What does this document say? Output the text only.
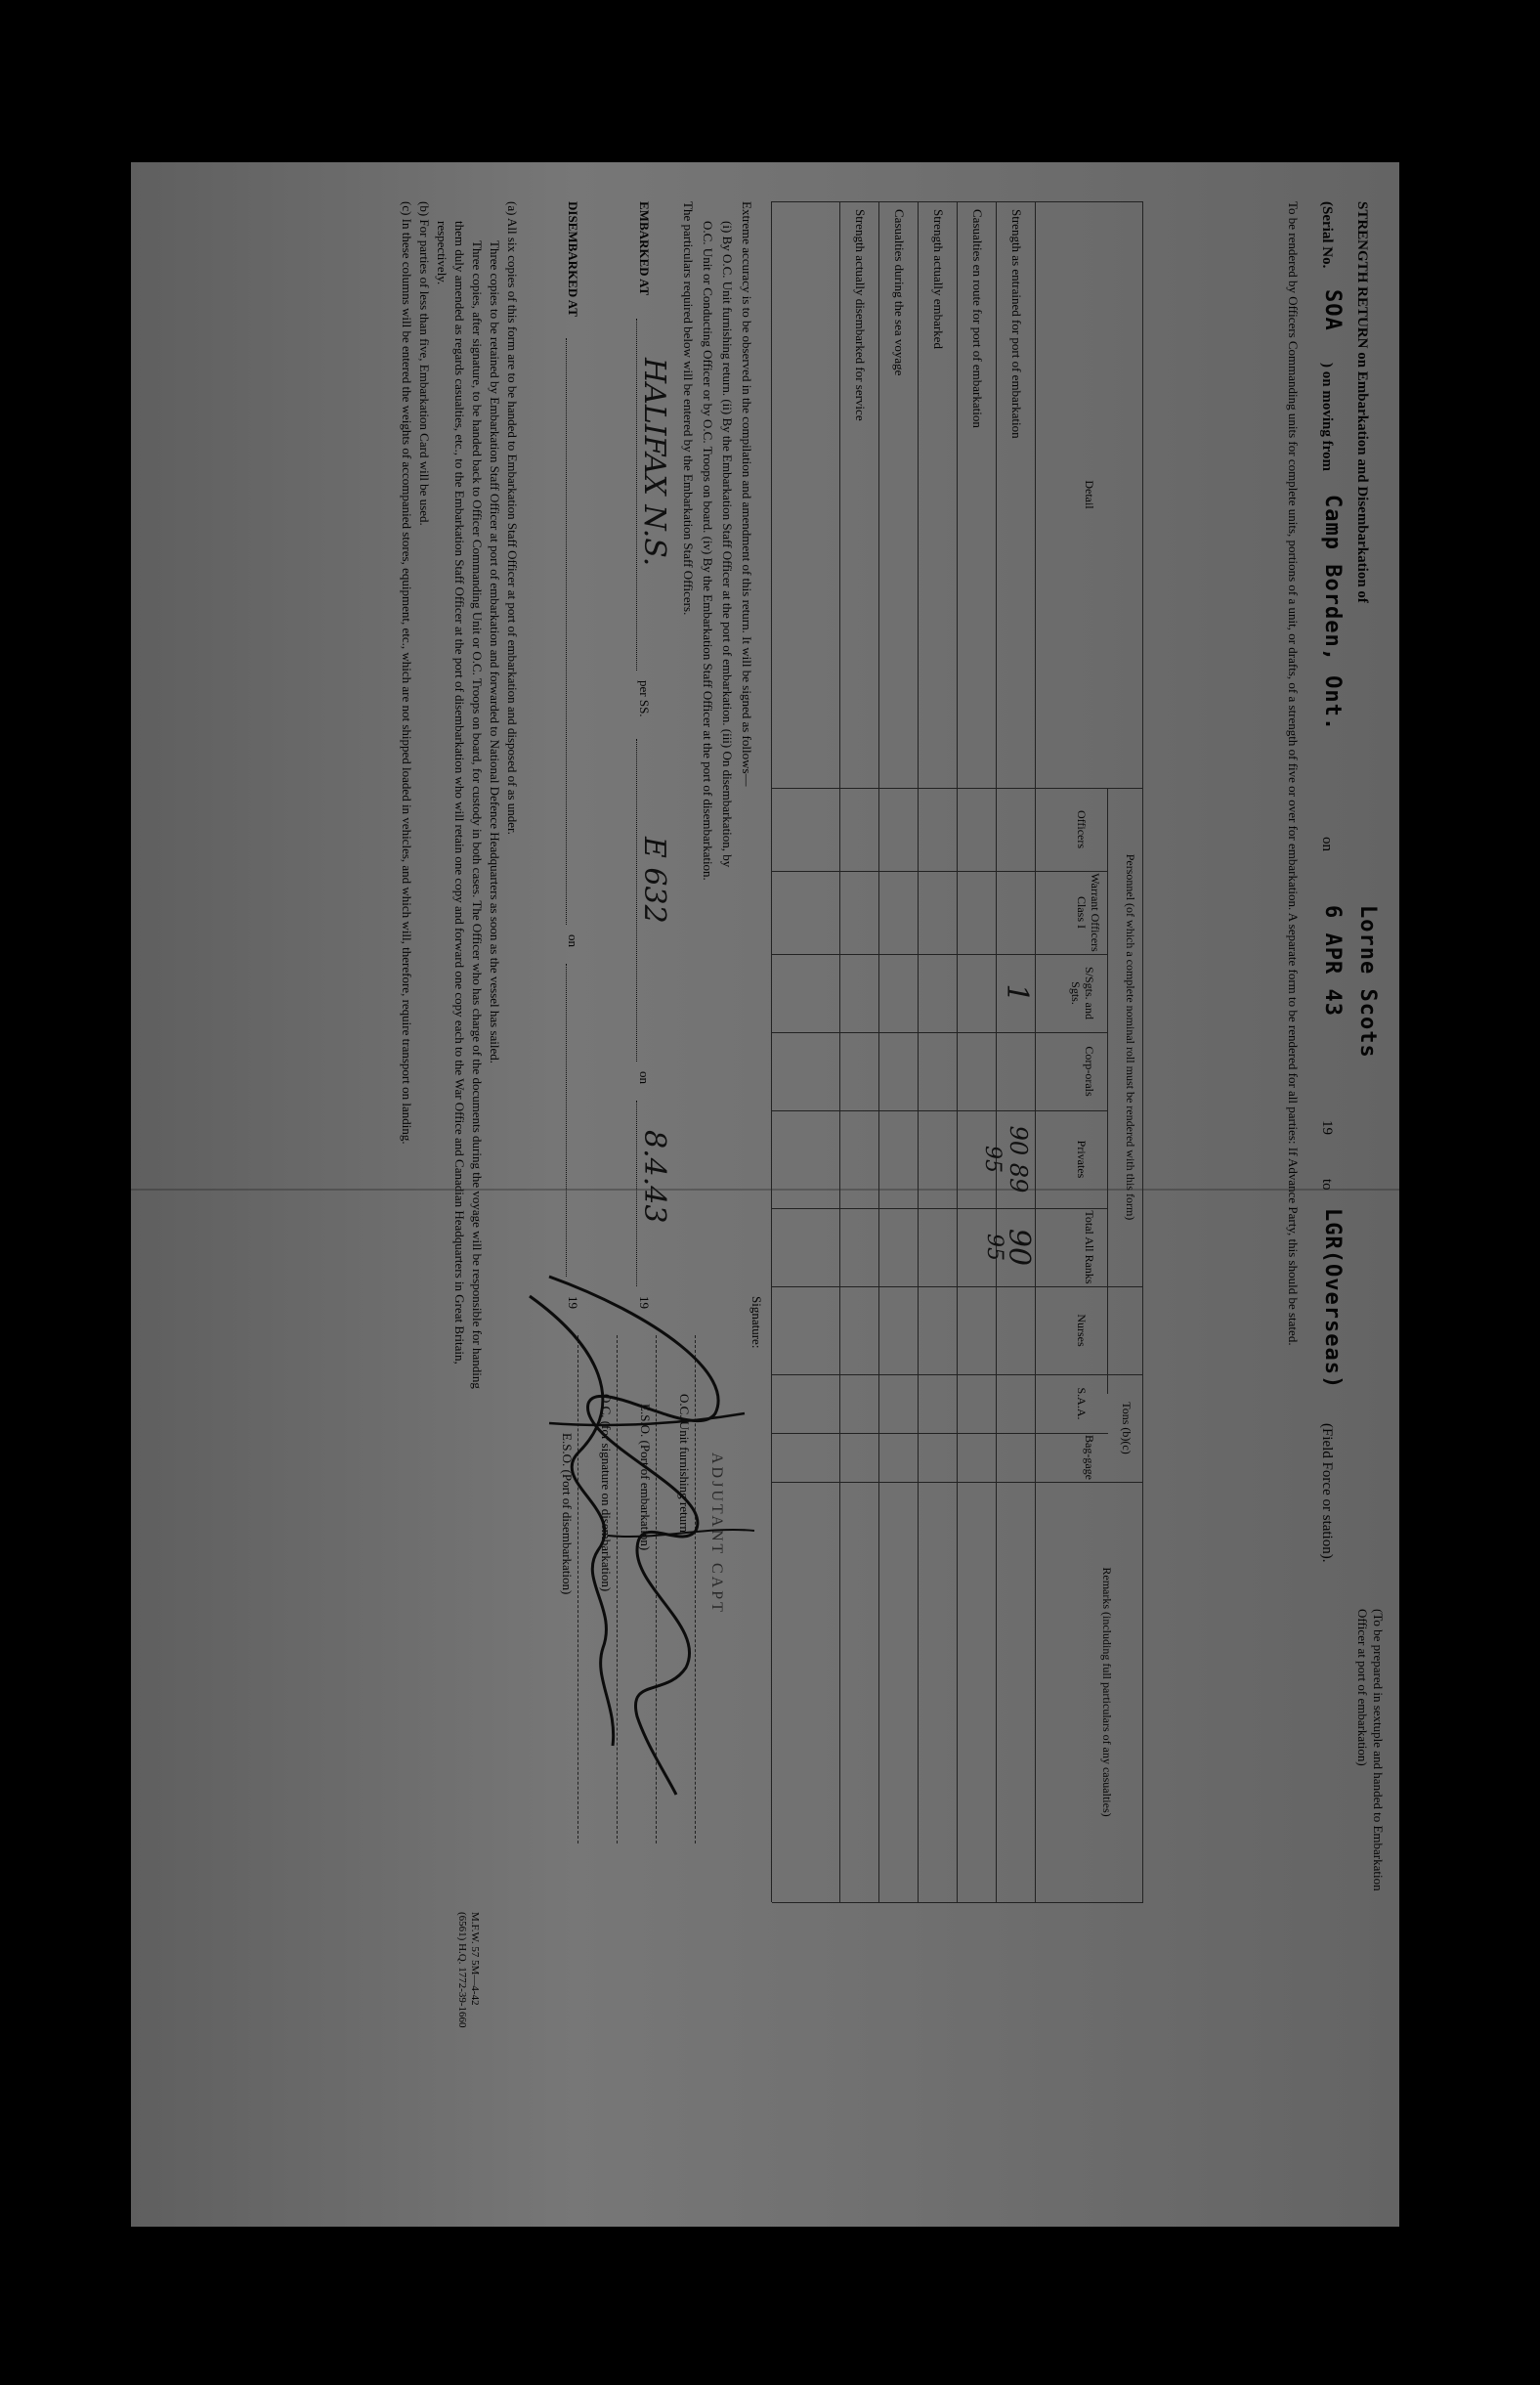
STRENGTH RETURN on Embarkation and Disembarkation of
Lorne Scots
(Serial No.
SOA
) on moving from
Camp Borden, Ont.
on
6 APR 43
19
to
LGR(Overseas)
(Field Force or station).
(To be prepared in sextuple and handed to Embarkation Officer at port of embarkation)
To be rendered by Officers Commanding units for complete units, portions of a unit, or drafts, of a strength of five or over for embarkation. A separate form to be rendered for all parties: If Advance Party, this should be stated.
Detail
Personnel (of which a complete nominal roll must be rendered with this form)
Officers
Warrant Officers Class I
S/Sgts. and Sgts.
Corp-orals
Privates
Total All Ranks
Nurses
S.A.A.
Bag-gage
Tons (b)(c)
Remarks (including full particulars of any casualties)
Strength as entrained for port of embarkation
Casualties en route for port of embarkation
Strength actually embarked
Casualties during the sea voyage
Strength actually disembarked for service
1
90 89
95
90
95
Extreme accuracy is to be observed in the compilation and amendment of this return. It will be signed as follows—
(i) By O.C. Unit furnishing return. (ii) By the Embarkation Staff Officer at the port of embarkation. (iii) On disembarkation, by
O.C. Unit or Conducting Officer or by O.C. Troops on board. (iv) By the Embarkation Staff Officer at the port of disembarkation.
The particulars required below will be entered by the Embarkation Staff Officers.
Signature:
O.C. Unit furnishing return
E.S.O. (Port of embarkation)
O.C. (for signature on disembarkation)
E.S.O. (Port of disembarkation)	ADJUTANT CAPT
EMBARKED AT
HALIFAX N.S.
per SS.
E 632
on
8.4.43
19
DISEMBARKED AT
on
19
(a) All six copies of this form are to be handed to Embarkation Staff Officer at port of embarkation and disposed of as under.
Three copies to be retained by Embarkation Staff Officer at port of embarkation and forwarded to National Defence Headquarters as soon as the vessel has sailed.
Three copies, after signature, to be handed back to Officer Commanding Unit or O.C. Troops on board, for custody in both cases. The Officer who has charge of the documents during the voyage will be responsible for handing
them duly amended as regards casualties, etc., to the Embarkation Staff Officer at the port of disembarkation who will retain one copy and forward one copy each to the War Office and Canadian Headquarters in Great Britain,
respectively.
(b) For parties of less than five, Embarkation Card will be used.
(c) In these columns will be entered the weights of accompanied stores, equipment, etc., which are not shipped loaded in vehicles, and which will, therefore, require transport on landing.
M.F.W. 57 5M—4-42 (6561) H.Q. 1772-39-1660
